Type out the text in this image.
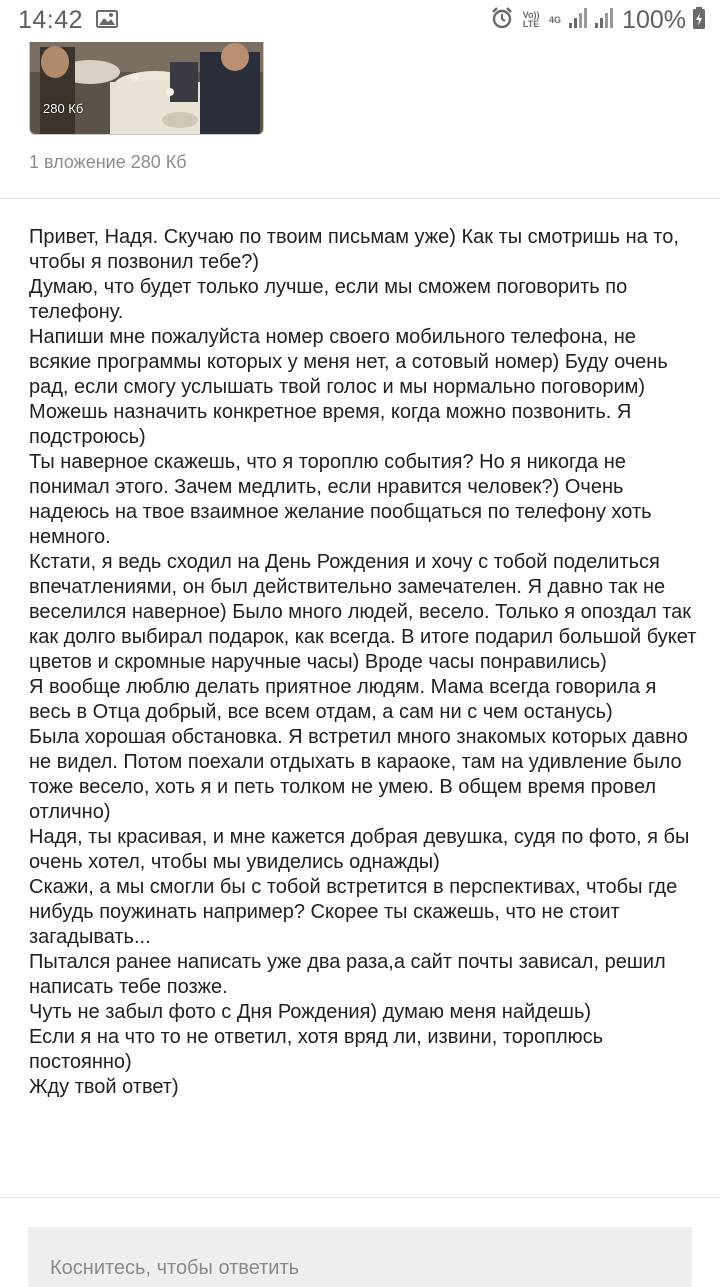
14:42	Vo)) LTE	4G 100%
280 Кб
1 вложение 280 Кб

Привет, Надя. Скучаю по твоим письмам уже) Как ты смотришь на то, чтобы я позвонил тебе?)

Думаю, что будет только лучше, если мы сможем поговорить по телефону.

Напиши мне пожалуйста номер своего мобильного телефона, не всякие программы которых у меня нет, а сотовый номер) Буду очень рад, если смогу услышать твой голос и мы нормально поговорим)

Можешь назначить конкретное время, когда можно позвонить. Я подстроюсь)

Ты наверное скажешь, что я тороплю события? Но я никогда не понимал этого. Зачем медлить, если нравится человек?) Очень надеюсь на твое взаимное желание пообщаться по телефону хоть немного.

Кстати, я ведь сходил на День Рождения и хочу с тобой поделиться впечатлениями, он был действительно замечателен. Я давно так не веселился наверное) Было много людей, весело. Только я опоздал так как долго выбирал подарок, как всегда. В итоге подарил большой букет цветов и скромные наручные часы) Вроде часы понравились)

Я вообще люблю делать приятное людям. Мама всегда говорила я весь в Отца добрый, все всем отдам, а сам ни с чем останусь)

Была хорошая обстановка. Я встретил много знакомых которых давно не видел. Потом поехали отдыхать в караоке, там на удивление было тоже весело, хоть я и петь толком не умею. В общем время провел отлично)

Надя, ты красивая, и мне кажется добрая девушка, судя по фото, я бы очень хотел, чтобы мы увиделись однажды)

Скажи, а мы смогли бы с тобой встретится в перспективах, чтобы где нибудь поужинать например? Скорее ты скажешь, что не стоит загадывать...

Пытался ранее написать уже два раза,а сайт почты зависал, решил написать тебе позже.

Чуть не забыл фото с Дня Рождения) думаю меня найдешь)

Если я на что то не ответил, хотя вряд ли, извини, тороплюсь постоянно)

Жду твой ответ)

Коснитесь, чтобы ответить
